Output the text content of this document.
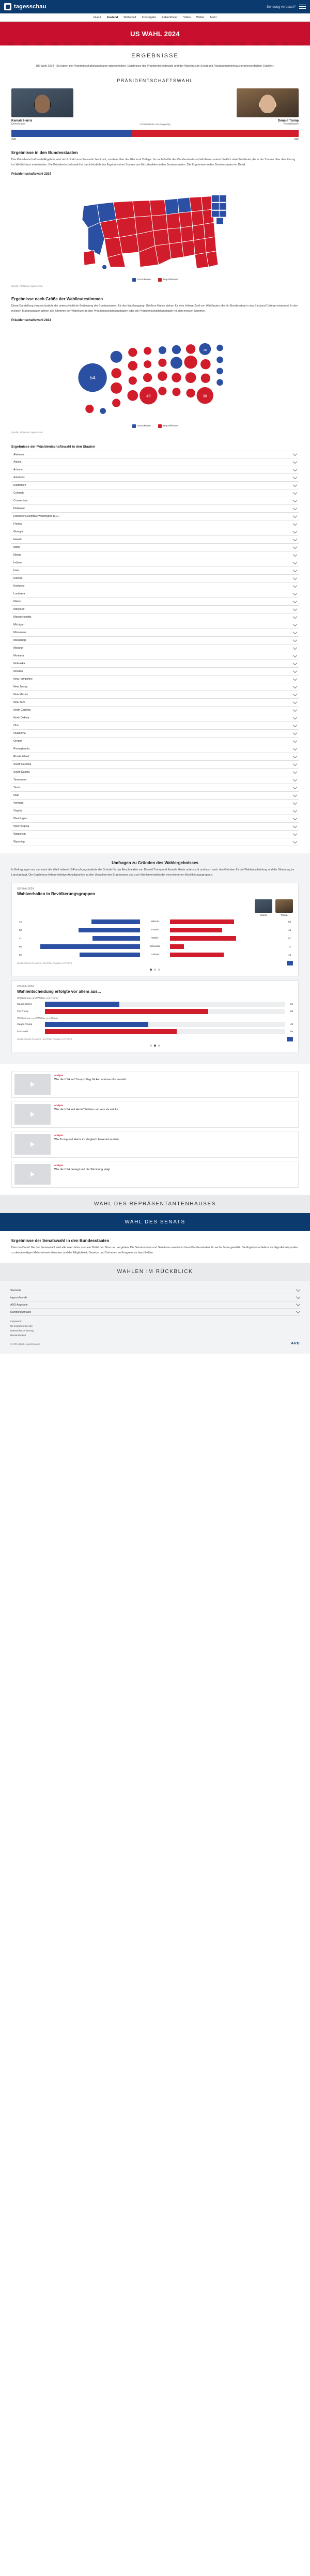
tagesschau	Sendung verpasst?
Inland Ausland Wirtschaft Investigativ Faktenfinder Video Wetter Mehr
US WAHL 2024
ERGEBNISSE

US-Wahl 2024 - So haben die Präsidentschaftskandidaten abgeschnitten. Ergebnisse der Präsidentschaftswahl und der Wahlen zum Senat und Repräsentantenhaus in übersichtlichen Grafiken.

PRÄSIDENTSCHAFTSWAHL
Kamala Harris
Demokraten
Donald Trump
Republikaner
270 Wahlleute zum Sieg nötig
226	312
Ergebnisse in den Bundesstaaten
Das Präsidentschaftswahl-Ergebnis wird nicht direkt vom Souverän bestimmt, sondern über das Electoral College. Je nach Größe des Bundesstaates erhält dieser unterschiedlich viele Wahlleute, die in der Summe über den Einzug ins Weiße Haus entscheiden. Die Präsidentschaftswahl ist damit letztlich das Ergebnis einer Summe von Einzelwahlen in den Bundesstaaten. Die Ergebnisse in den Bundesstaaten im Detail.
Präsidentschaftswahl 2024
Demokraten	Republikaner
Quelle: AP/News, tagesschau
Ergebnisse nach Größe der Wahlleutestimmen
Diese Darstellung veranschaulicht die unterschiedliche Bedeutung der Bundesstaaten für den Wahlausgang. Größere Kreise stehen für eine höhere Zahl von Wahlleuten, die ein Bundesstaat in das Electoral College entsendet. In den meisten Bundesstaaten gehen alle Stimmen der Wahlleute an den Präsidentschaftskandidaten oder die Präsidentschaftskandidatin mit den meisten Stimmen.
Präsidentschaftswahl 2024
54
40
28
30
Demokraten	Republikaner
Quelle: AP/News, tagesschau
Ergebnisse der Präsidentschaftswahl in den Staaten
Alabama
Alaska
Arizona
Arkansas
Kalifornien
Colorado
Connecticut
Delaware
District of Columbia (Washington D.C.)
Florida
Georgia
Hawaii
Idaho
Illinois
Indiana
Iowa
Kansas
Kentucky
Louisiana
Maine
Maryland
Massachusetts
Michigan
Minnesota
Mississippi
Missouri
Montana
Nebraska
Nevada
New Hampshire
New Jersey
New Mexico
New York
North Carolina
North Dakota
Ohio
Oklahoma
Oregon
Pennsylvania
Rhode Island
South Carolina
South Dakota
Tennessee
Texas
Utah
Vermont
Virginia
Washington
West Virginia
Wisconsin
Wyoming
Umfragen zu Gründen des Wahlergebnisses
In Befragungen vor und nach der Wahl haben US-Forschungsinstitute die Gründe für das Abschneiden von Donald Trump und Kamala Harris untersucht und auch nach den Gründen für die Wahlentscheidung und die Stimmung im Land gefragt. Die Ergebnisse liefern wichtige Anhaltspunkte zu den Ursachen des Ergebnisses und zum Wählerverhalten der verschiedenen Bevölkerungsgruppen.
US-Wahl 2024
Wahlverhalten in Bevölkerungsgruppen
Harris	Trump
42	Männer	55
53	Frauen	45
41	Weiße	57
86	Schwarze	12
52	Latinos	46
Quelle: Edison Research / Exit Polls, Angaben in Prozent
US-Wahl 2024
Wahlentscheidung erfolgte vor allem aus...
Wählerinnen und Wähler von Trump
Gegen Harris	31
Für Trump	68
Wählerinnen und Wähler von Harris
Gegen Trump	43
Für Harris	55
Quelle: Edison Research / Exit Polls, Angaben in Prozent
Analyse
Wie die USA auf Trumps Sieg blicken und was ihn antreibt
Analyse
Wie die USA seit Harris' Wahlen und was sie wählte
Analyse
Wie Trump und Harris im Vergleich bewertet wurden
Analyse
Wie die USA bewegt und die Stimmung prägt
WAHL DES REPRÄSENTANTENHAUSES
WAHL DES SENATS
Ergebnisse der Senatswahl in den Bundesstaaten
Dazu im Detail: Bei der Senatswahl wird alle zwei Jahre rund ein Drittel der Sitze neu vergeben. Die Senatorinnen und Senatoren werden in ihren Bundesstaaten für sechs Jahre gewählt. Die Ergebnisse liefern wichtige Anhaltspunkte zu den jeweiligen Mehrheitsverhältnissen und der Möglichkeit, Gesetze und Vorhaben im Kongress zu beschließen.
WAHLEN IM RÜCKBLICK
Startseite
tagesschau.de
ARD-Angebote
Rundfunkkontakte
Impressum
So erreichen Sie uns
Datenschutzerklärung
Barrierefreiheit
© ARD-aktuell / tagesschau.de	ARD
